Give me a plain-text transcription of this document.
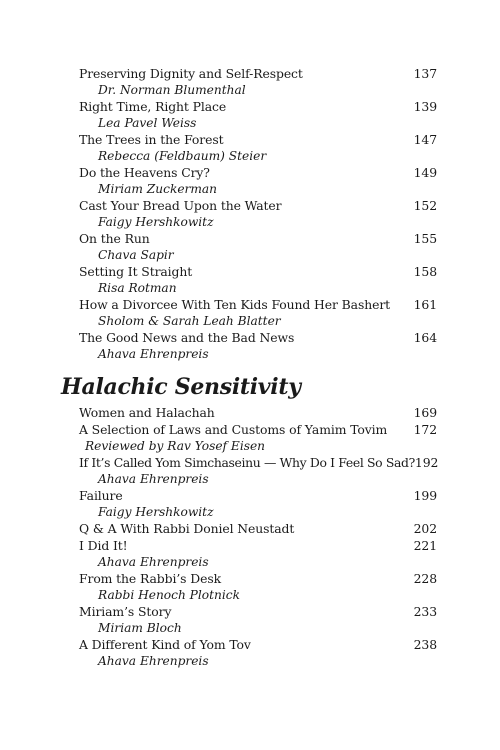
Preserving Dignity and Self-Respect	137
Dr. Norman Blumenthal
Right Time, Right Place	139
Lea Pavel Weiss
The Trees in the Forest	147
Rebecca (Feldbaum) Steier
Do the Heavens Cry?	149
Miriam Zuckerman
Cast Your Bread Upon the Water	152
Faigy Hershkowitz
On the Run	155
Chava Sapir
Setting It Straight	158
Risa Rotman
How a Divorcee With Ten Kids Found Her Bashert 161
Sholom & Sarah Leah Blatter
The Good News and the Bad News	164
Ahava Ehrenpreis
Halachic Sensitivity
Women and Halachah	169
A Selection of Laws and Customs of Yamim Tovim 172
Reviewed by Rav Yosef Eisen
If It’s Called Yom Simchaseinu — Why Do I Feel So Sad? 192
Ahava Ehrenpreis
Failure	199
Faigy Hershkowitz
Q & A With Rabbi Doniel Neustadt	202
I Did It!	221
Ahava Ehrenpreis
From the Rabbi’s Desk	228
Rabbi Henoch Plotnick
Miriam’s Story	233
Miriam Bloch
A Different Kind of Yom Tov	238
Ahava Ehrenpreis
